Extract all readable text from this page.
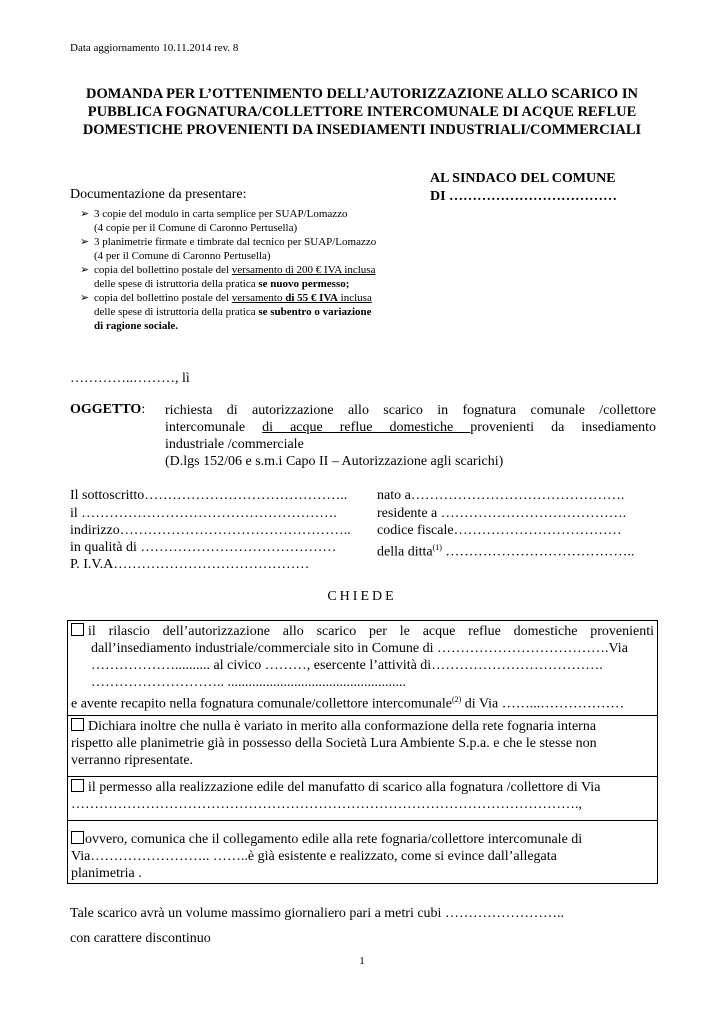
Data aggiornamento 10.11.2014 rev. 8
DOMANDA PER L’OTTENIMENTO DELL’AUTORIZZAZIONE ALLO SCARICO IN
PUBBLICA FOGNATURA/COLLETTORE INTERCOMUNALE DI ACQUE REFLUE
DOMESTICHE PROVENIENTI DA INSEDIAMENTI INDUSTRIALI/COMMERCIALI
AL SINDACO DEL COMUNE
DI ………………………………
Documentazione da presentare:
➢ 3 copie del modulo in carta semplice per SUAP/Lomazzo
(4 copie per il Comune di Caronno Pertusella)
➢ 3 planimetrie firmate e timbrate dal tecnico per SUAP/Lomazzo
(4 per il Comune di Caronno Pertusella)
➢ copia del bollettino postale del versamento di 200 € IVA inclusa
delle spese di istruttoria della pratica se nuovo permesso;
➢ copia del bollettino postale del versamento di 55 € IVA inclusa
delle spese di istruttoria della pratica se subentro o variazione
di ragione sociale.
…………..………, lì
OGGETTO: richiesta di autorizzazione allo scarico in fognatura comunale /collettore
intercomunale di acque reflue domestiche provenienti da insediamento
industriale /commerciale
(D.lgs 152/06 e s.m.i Capo II – Autorizzazione agli scarichi)
Il sottoscritto…………………………………….. nato a……………………………………….
il ……………………………………………….	residente a ………………………………….
indirizzo………………………………………….. codice fiscale………………………………
in qualità di ……………………………………	della ditta$^{(1)}$ …………………………………..
P. I.V.A……………………………………
CHIEDE
il rilascio dell’autorizzazione allo scarico per le acque reflue domestiche provenienti
dall’insediamento industriale/commerciale sito in Comune di ……………………………….Via
……………….......... al civico ………, esercente l’attività di……………………………….
……………………….. ...................................................
e avente recapito nella fognatura comunale/collettore intercomunale$^{(2)}$ di Via ……...………………
Dichiara inoltre che nulla è variato in merito alla conformazione della rete fognaria interna
rispetto alle planimetrie già in possesso della Società Lura Ambiente S.p.a. e che le stesse non
verranno ripresentate.
il permesso alla realizzazione edile del manufatto di scarico alla fognatura /collettore di Via
……………………………………………………………………………………………….,
ovvero, comunica che il collegamento edile alla rete fognaria/collettore intercomunale di
Via…………………….. ……..è già esistente e realizzato, come si evince dall’allegata
planimetria .
Tale scarico avrà un volume massimo giornaliero pari a metri cubi ……………………..
con carattere discontinuo
1
